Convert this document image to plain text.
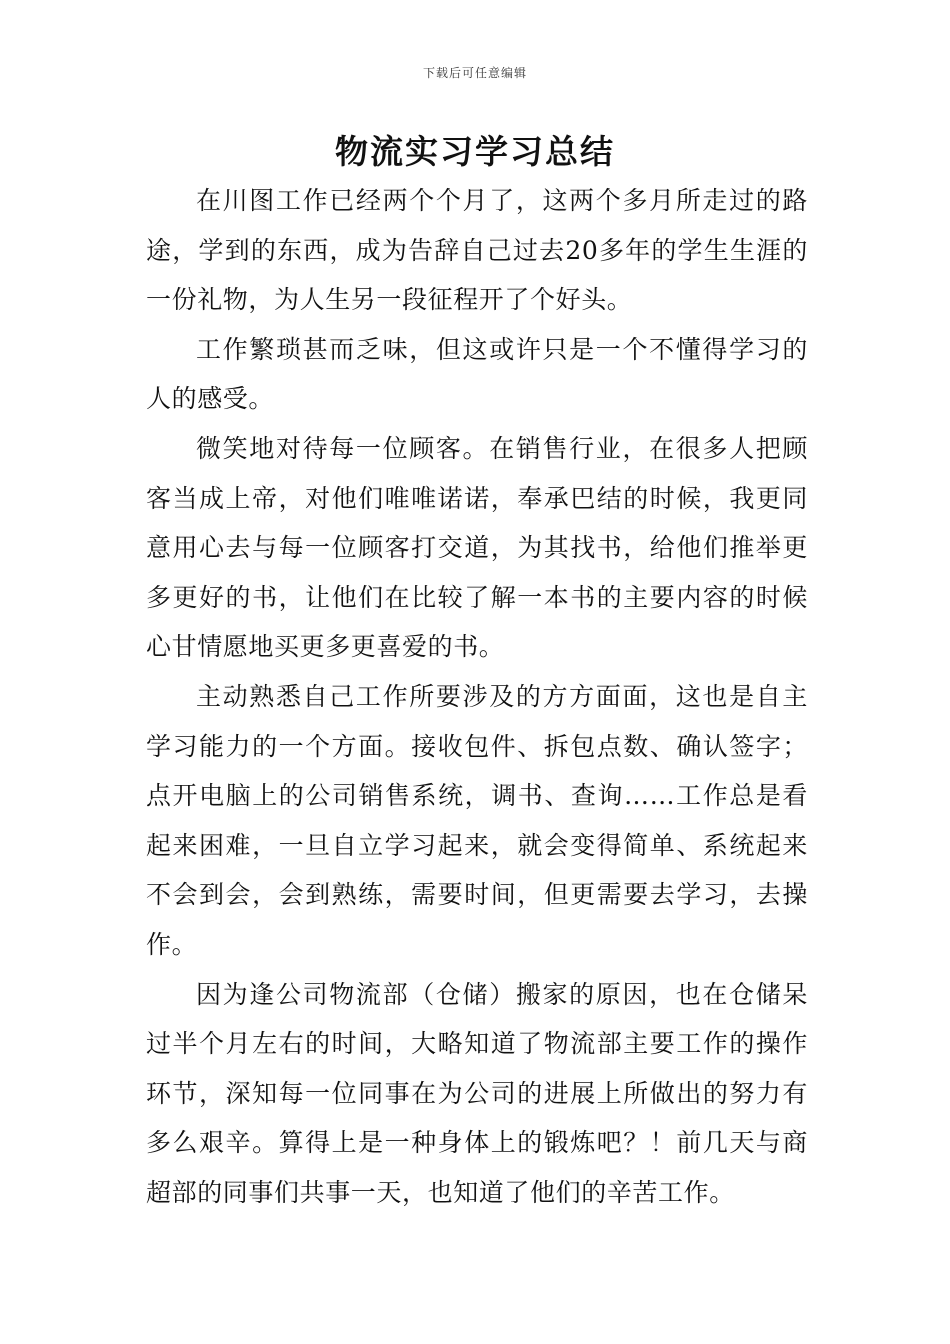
下载后可任意编辑
物流实习学习总结

在川图工作已经两个个月了，这两个多月所走过的路途，学到的东西，成为告辞自己过去20多年的学生生涯的一份礼物，为人生另一段征程开了个好头。

工作繁琐甚而乏味，但这或许只是一个不懂得学习的人的感受。

微笑地对待每一位顾客。在销售行业，在很多人把顾客当成上帝，对他们唯唯诺诺，奉承巴结的时候，我更同意用心去与每一位顾客打交道，为其找书，给他们推举更多更好的书，让他们在比较了解一本书的主要内容的时候心甘情愿地买更多更喜爱的书。

主动熟悉自己工作所要涉及的方方面面，这也是自主学习能力的一个方面。接收包件、拆包点数、确认签字；点开电脑上的公司销售系统，调书、查询……工作总是看起来困难，一旦自立学习起来，就会变得简单、系统起来不会到会，会到熟练，需要时间，但更需要去学习，去操作。

因为逢公司物流部（仓储）搬家的原因，也在仓储呆过半个月左右的时间，大略知道了物流部主要工作的操作环节，深知每一位同事在为公司的进展上所做出的努力有多么艰辛。算得上是一种身体上的锻炼吧？！前几天与商超部的同事们共事一天，也知道了他们的辛苦工作。
